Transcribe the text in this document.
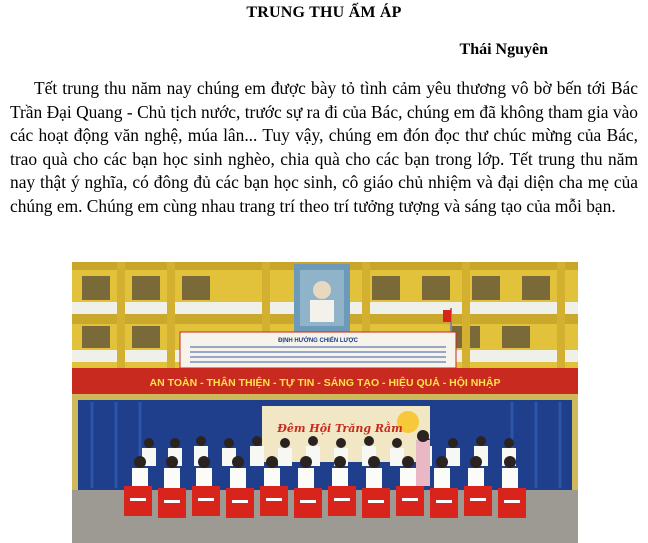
TRUNG THU ẤM ÁP
Thái Nguyên
Tết trung thu năm nay chúng em được bày tỏ tình cảm yêu thương vô bờ bến tới Bác Trần Đại Quang - Chủ tịch nước, trước sự ra đi của Bác, chúng em đã không tham gia vào các hoạt động văn nghệ, múa lân... Tuy vậy, chúng em đón đọc thư chúc mừng của Bác, trao quà cho các bạn học sinh nghèo, chia quà cho các bạn trong lớp. Tết trung thu năm nay thật ý nghĩa, có đông đủ các bạn học sinh, cô giáo chủ nhiệm và đại diện cha mẹ của chúng em. Chúng em cùng nhau trang trí theo trí tưởng tượng và sáng tạo của mỗi bạn.
ĐỊNH HƯỚNG CHIẾN LƯỢC
AN TOÀN - THÂN THIỆN - TỰ TIN - SÁNG TẠO - HIỆU QUẢ - HỘI NHẬP
Đêm Hội Trăng Rằm
